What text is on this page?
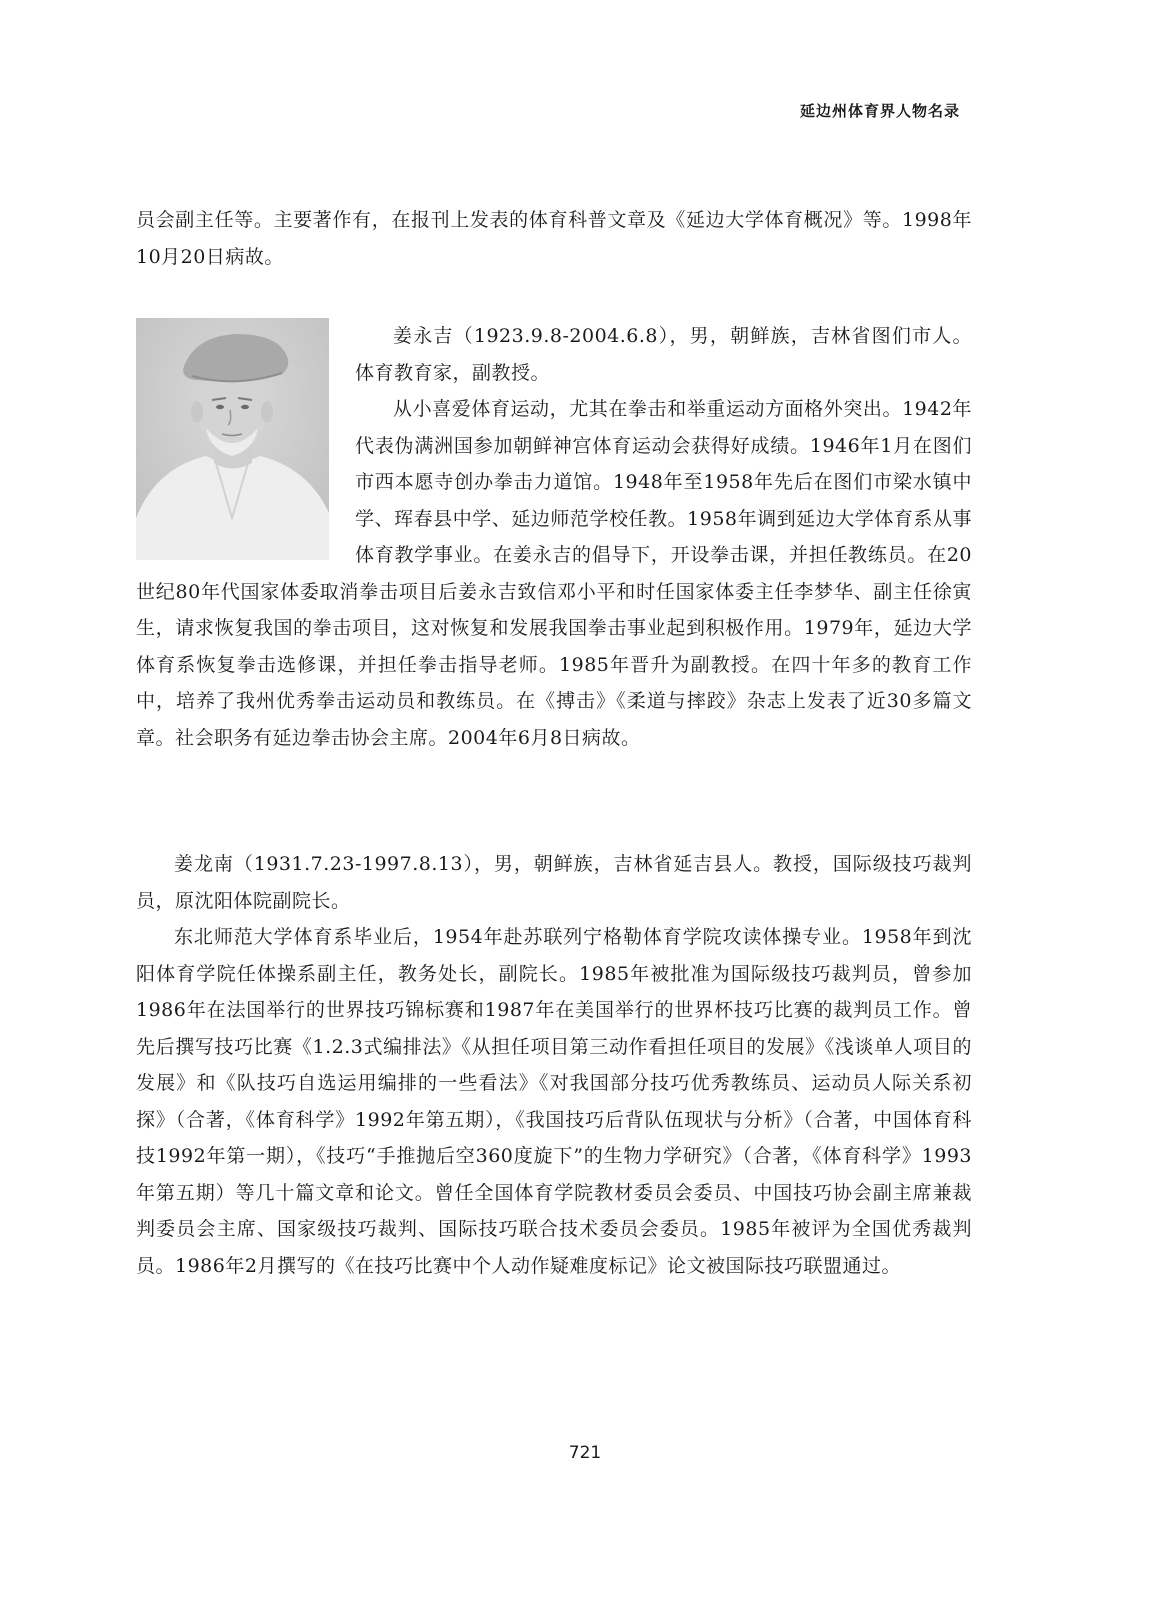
延边州体育界人物名录

员会副主任等。主要著作有，在报刊上发表的体育科普文章及《延边大学体育概况》等。1998年10月20日病故。

姜永吉（1923.9.8-2004.6.8），男，朝鲜族，吉林省图们市人。体育教育家，副教授。

从小喜爱体育运动，尤其在拳击和举重运动方面格外突出。1942年代表伪满洲国参加朝鲜神宫体育运动会获得好成绩。1946年1月在图们市西本愿寺创办拳击力道馆。1948年至1958年先后在图们市梁水镇中学、珲春县中学、延边师范学校任教。1958年调到延边大学体育系从事体育教学事业。在姜永吉的倡导下，开设拳击课，并担任教练员。在20世纪80年代国家体委取消拳击项目后姜永吉致信邓小平和时任国家体委主任李梦华、副主任徐寅生，请求恢复我国的拳击项目，这对恢复和发展我国拳击事业起到积极作用。1979年，延边大学体育系恢复拳击选修课，并担任拳击指导老师。1985年晋升为副教授。在四十年多的教育工作中，培养了我州优秀拳击运动员和教练员。在《搏击》《柔道与摔跤》杂志上发表了近30多篇文章。社会职务有延边拳击协会主席。2004年6月8日病故。

姜龙南（1931.7.23-1997.8.13），男，朝鲜族，吉林省延吉县人。教授，国际级技巧裁判员，原沈阳体院副院长。

东北师范大学体育系毕业后，1954年赴苏联列宁格勒体育学院攻读体操专业。1958年到沈阳体育学院任体操系副主任，教务处长，副院长。1985年被批准为国际级技巧裁判员，曾参加1986年在法国举行的世界技巧锦标赛和1987年在美国举行的世界杯技巧比赛的裁判员工作。曾先后撰写技巧比赛《1.2.3式编排法》《从担任项目第三动作看担任项目的发展》《浅谈单人项目的发展》和《队技巧自选运用编排的一些看法》《对我国部分技巧优秀教练员、运动员人际关系初探》（合著，《体育科学》1992年第五期），《我国技巧后背队伍现状与分析》（合著，中国体育科技1992年第一期），《技巧“手推抛后空360度旋下”的生物力学研究》（合著，《体育科学》1993年第五期）等几十篇文章和论文。曾任全国体育学院教材委员会委员、中国技巧协会副主席兼裁判委员会主席、国家级技巧裁判、国际技巧联合技术委员会委员。1985年被评为全国优秀裁判员。1986年2月撰写的《在技巧比赛中个人动作疑难度标记》论文被国际技巧联盟通过。

721
